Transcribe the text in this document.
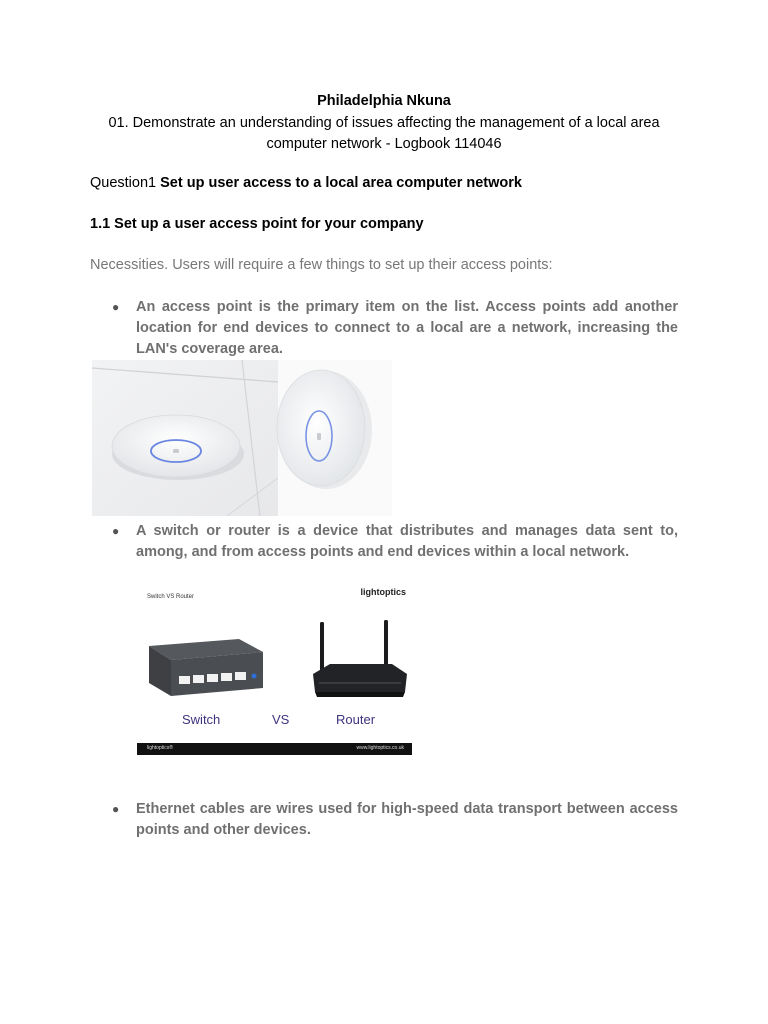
Philadelphia Nkuna
01. Demonstrate an understanding of issues affecting the management of a local area computer network - Logbook 114046
Question1 Set up user access to a local area computer network
1.1 Set up a user access point for your company
Necessities. Users will require a few things to set up their access points:
●	An access point is the primary item on the list. Access points add another location for end devices to connect to a local are a network, increasing the LAN's coverage area.
●	A switch or router is a device that distributes and manages data sent to, among, and from access points and end devices within a local network.
Switch VS Router	lightoptics
Switch	VS	Router
lightoptics®	www.lightoptics.co.uk
●	Ethernet cables are wires used for high-speed data transport between access points and other devices.
